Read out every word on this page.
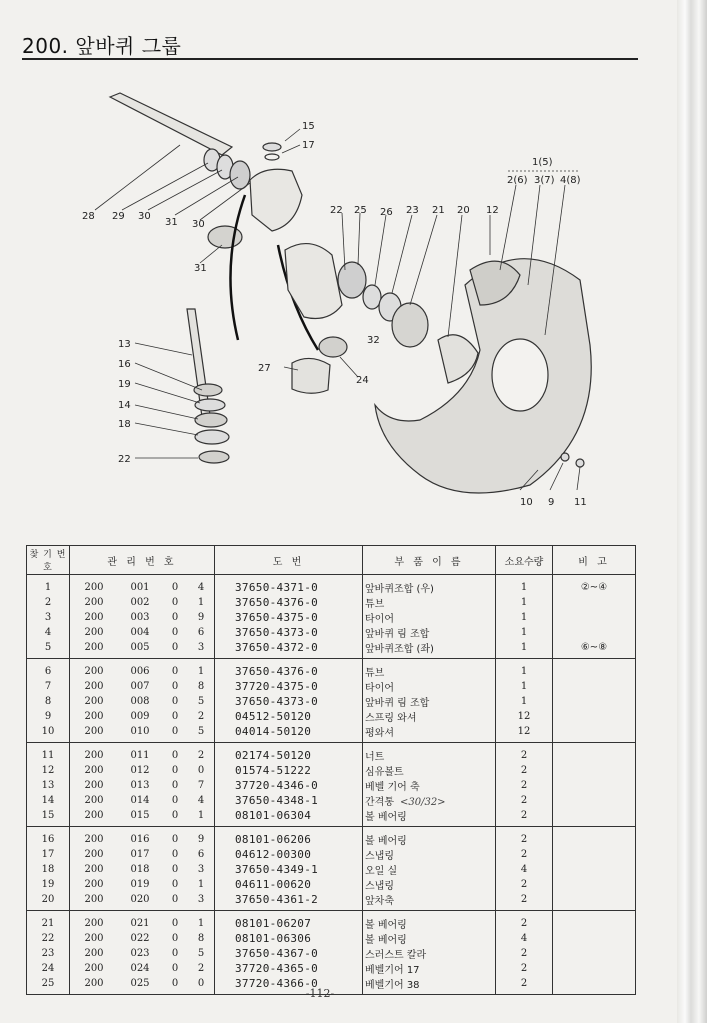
200. 앞바퀴 그룹
15
17
28 29 30
31 30
31
22 25 26 23 21 20 12
1(5)
2(6) 3(7) 4(8)
13
16
19
14
18
22
27
32
24
10 9 11
찾 기 번 호	관 리 번 호				도 번	부 품 이 름	소요수량	비 고
1	200	001	0	4	37650-4371-0	앞바퀴조합 (우)	1	②~④
2	200	002	0	1	37650-4376-0	튜브	1	
3	200	003	0	9	37650-4375-0	타이어	1	
4	200	004	0	6	37650-4373-0	앞바퀴 림 조합	1	
5	200	005	0	3	37650-4372-0	앞바퀴조합 (좌)	1	⑥~⑧
6	200	006	0	1	37650-4376-0	튜브	1	
7	200	007	0	8	37720-4375-0	타이어	1	
8	200	008	0	5	37650-4373-0	앞바퀴 림 조합	1	
9	200	009	0	2	04512-50120	스프링 와셔	12	
10	200	010	0	5	04014-50120	평와셔	12	
11	200	011	0	2	02174-50120	너트	2	
12	200	012	0	0	01574-51222	심유볼트	2	
13	200	013	0	7	37720-4346-0	베벨 기어 축	2	
14	200	014	0	4	37650-4348-1	간격통 <30/32>	2	
15	200	015	0	1	08101-06304	볼 베어링	2	
16	200	016	0	9	08101-06206	볼 베어링	2	
17	200	017	0	6	04612-00300	스냅링	2	
18	200	018	0	3	37650-4349-1	오일 실	4	
19	200	019	0	1	04611-00620	스냅링	2	
20	200	020	0	3	37650-4361-2	앞차축	2	
21	200	021	0	1	08101-06207	볼 베어링	2	
22	200	022	0	8	08101-06306	볼 베어링	4	
23	200	023	0	5	37650-4367-0	스러스트 칼라	2	
24	200	024	0	2	37720-4365-0	베벨기어 17	2	
25	200	025	0	0	37720-4366-0	베벨기어 38	2	
-112-
